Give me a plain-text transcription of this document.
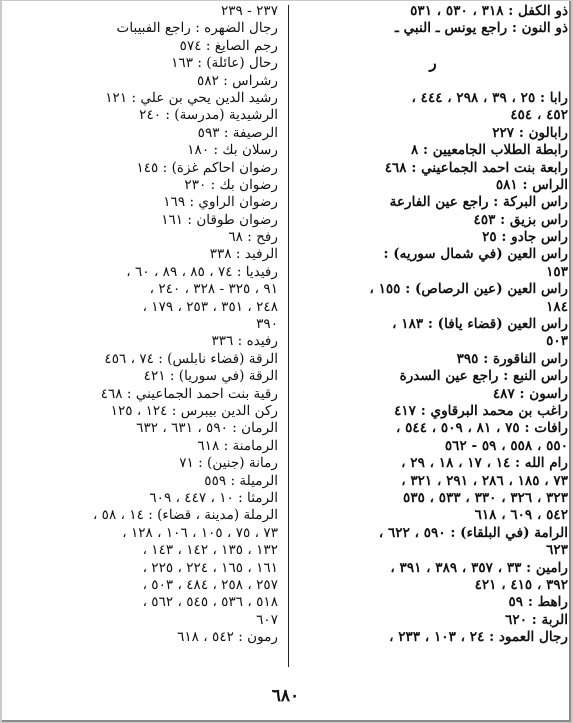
ذو الكفل : ٣١٨ ، ٥٣٠ ، ٥٣١
ذو النون : راجع يونس ـ النبي ـ
ر
رابا : ٢٥ ، ٣٩ ، ٢٩٨ ، ٤٤٤ ،
٤٥٢ ، ٤٥٤
رابالون : ٢٢٧
رابطة الطلاب الجامعيين : ٨
رابعة بنت احمد الجماعيني : ٤٦٨
الراس : ٥٨١
راس البركة : راجع عين الفارعة
راس بزيق : ٤٥٣
راس جادو : ٢٥
راس العين (في شمال سوريه) :
١٥٣
راس العين (عين الرصاص) : ١٥٥ ،
١٨٤
راس العين (قضاء يافا) : ١٨٣ ،
٥٠٣
راس الناقورة : ٣٩٥
راس النبع : راجع عين السدرة
راسون : ٤٨٧
راغب بن محمد البرقاوي : ٤١٧
رافات : ٧٥ ، ٨١ ، ٥٠٩ ، ٥٤٤ ،
٥٥٠ ، ٥٥٨ ، ٥٩ - ٥٦٢
رام الله : ١٤ ، ١٧ ، ١٨ ، ٢٩ ،
٧٣ ، ١٨٥ ، ٢٨٦ ، ٢٩١ ، ٣٢١ ،
٣٢٣ ، ٣٢٦ ، ٣٣٠ ، ٥٣٣ ، ٥٣٥
٥٤٢ ، ٦٠٩ ، ٦١٨
الرامة (في البلقاء) : ٥٩٠ ، ٦٢٢ ،
٦٢٣
رامين : ٣٣ ، ٣٥٧ ، ٣٨٩ ، ٣٩١ ،
٣٩٢ ، ٤١٥ ، ٤٢١
راهط : ٥٩
الربة : ٦٢٠
رجال العمود : ٢٤ ، ١٠٣ ، ٢٣٣ ،
٢٣٧ - ٢٣٩
رجال الضهره : راجع الفبيبات
رجم الصايغ : ٥٧٤
رحال (عائلة) : ١٦٣
رشراس : ٥٨٢
رشيد الدين يحي بن علي : ١٢١
الرشيدية (مدرسة) : ٢٤٠
الرصيفة : ٥٩٣
رسلان بك : ١٨٠
رضوان احاكم غزة) : ١٤٥
رضوان بك : ٢٣٠
رضوان الراوي : ١٦٩
رضوان طوقان : ١٦١
رفح : ٦٨
الرفيد : ٣٣٨
رفيديا : ٧٤ ، ٨٥ ، ٨٩ ، ٦٠ ،
٩١ ، ٣٢٥ - ٣٢٨ ، ٢٤٠ ،
٢٤٨ ، ٣٥١ ، ٢٥٣ ، ١٧٩ ،
٣٩٠
رفيده : ٣٣٦
الرقة (قضاء نابلس) : ٧٤ ، ٤٥٦
الرقة (في سوريا) : ٤٢١
رقية بنت احمد الجماعيني : ٤٦٨
ركن الدين بيبرس : ١٢٤ ، ١٢٥
الرمان : ٥٩٠ ، ٦٣١ ، ٦٣٢
الرمامنة : ٦١٨
رمانة (جنين) : ٧١
الرميلة : ٥٥٩
الرمثا : ١٠ ، ٤٤٧ ، ٦٠٩
الرملة (مدينة ، قضاء) : ١٤ ، ٥٨ ،
٧٣ ، ٧٥ ، ١٠٥ ، ١٠٦ ، ١٢٨ ،
١٣٢ ، ١٣٥ ، ١٤٢ ، ١٤٣ ،
١٦١ ، ١٦٥ ، ٢٢٤ ، ٢٢٥ ،
٢٥٧ ، ٢٥٨ ، ٤٨٤ ، ٥٠٣ ،
٥١٨ ، ٥٣٦ ، ٥٤٥ ، ٥٦٢ ،
٦٠٧
رمون : ٥٤٢ ، ٦١٨
٦٨٠
